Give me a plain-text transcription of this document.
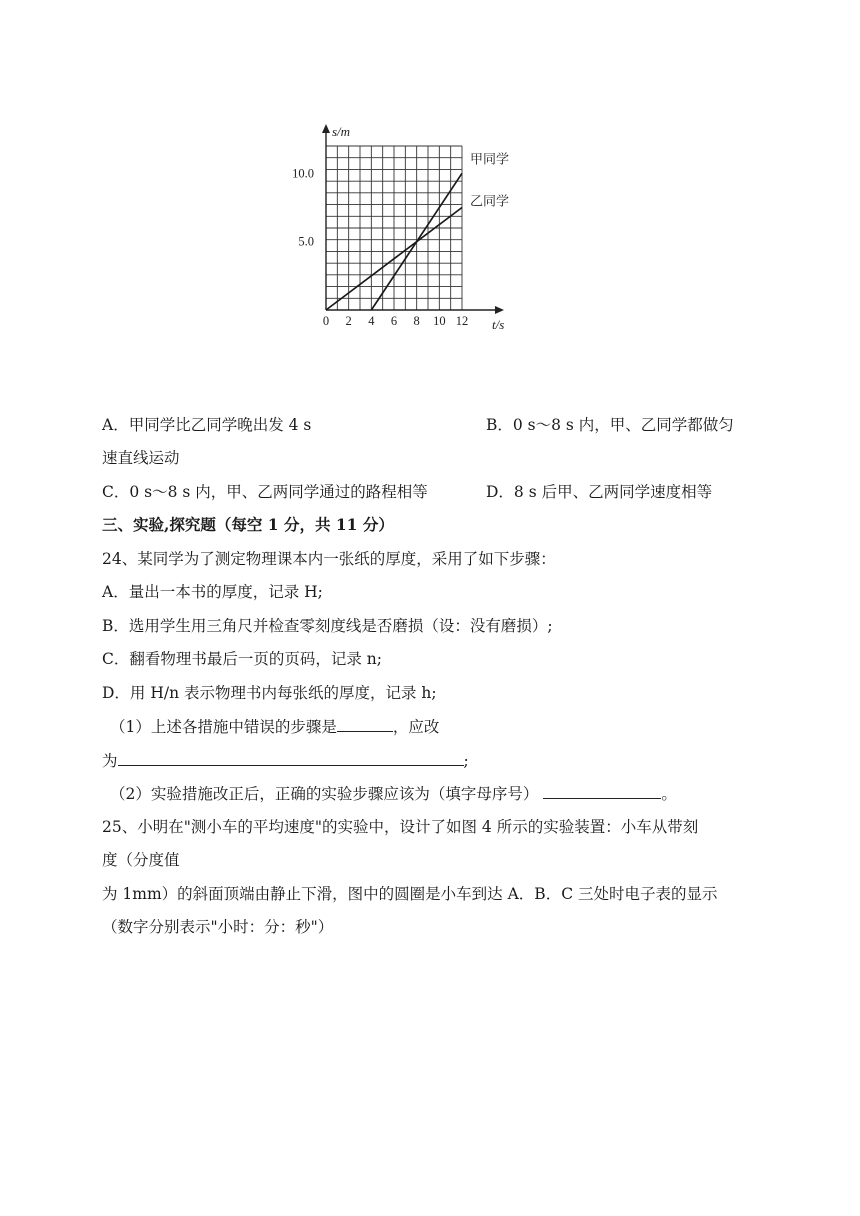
0 2 4 6 8 10 12
5.0
10.0
甲同学
乙同学
t/s
s/m
A．甲同学比乙同学晚出发 4 s	B．0 s～8 s 内，甲、乙同学都做匀
速直线运动
C．0 s～8 s 内，甲、乙两同学通过的路程相等	D．8 s 后甲、乙两同学速度相等
三、实验,探究题（每空 1 分，共 11 分）
24、某同学为了测定物理课本内一张纸的厚度，采用了如下步骤：
A．量出一本书的厚度，记录 H;
B．选用学生用三角尺并检查零刻度线是否磨损（设：没有磨损）;
C．翻看物理书最后一页的页码，记录 n;
D．用 H/n 表示物理书内每张纸的厚度，记录 h;
（1）上述各措施中错误的步骤是	，应改
为	;
（2）实验措施改正后，正确的实验步骤应该为（填字母序号）	。
25、小明在"测小车的平均速度"的实验中，设计了如图 4 所示的实验装置：小车从带刻
度（分度值
为 1mm）的斜面顶端由静止下滑，图中的圆圈是小车到达 A．B．C 三处时电子表的显示
（数字分别表示"小时：分：秒"）
